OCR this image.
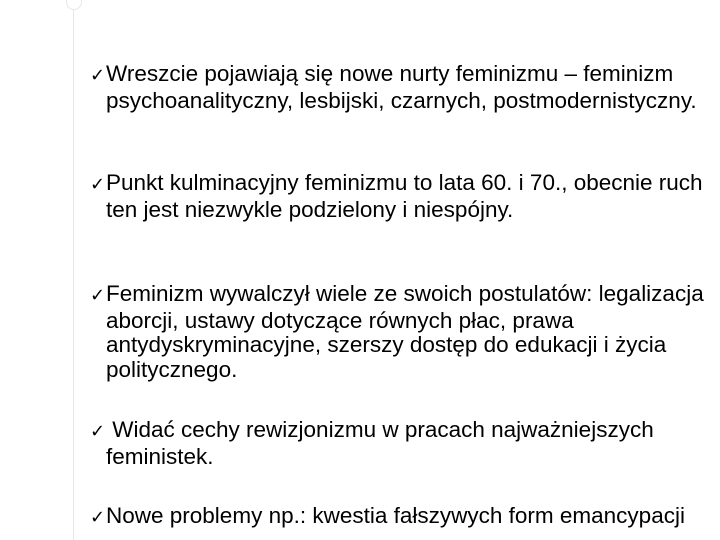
✓Wreszcie pojawiają się nowe nurty feminizmu – feminizm psychoanalityczny, lesbijski, czarnych, postmodernistyczny.
✓Punkt kulminacyjny feminizmu to lata 60. i 70., obecnie ruch ten jest niezwykle podzielony i niespójny.
✓Feminizm wywalczył wiele ze swoich postulatów: legalizacja aborcji, ustawy dotyczące równych płac, prawa antydyskryminacyjne, szerszy dostęp do edukacji i życia politycznego.
✓ Widać cechy rewizjonizmu w pracach najważniejszych feministek.
✓Nowe problemy np.: kwestia fałszywych form emancypacji
